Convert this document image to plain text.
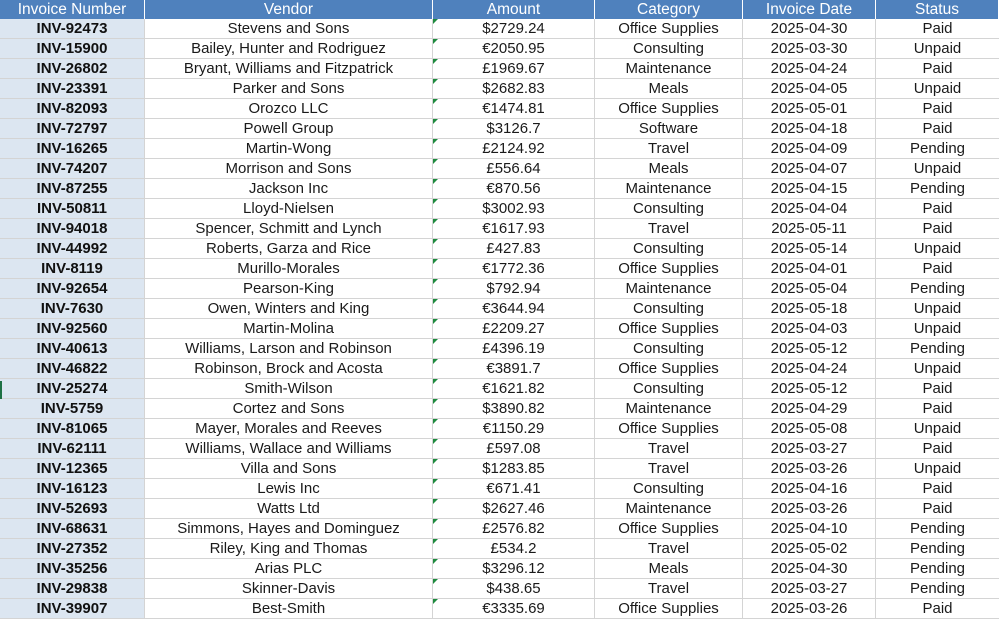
Invoice Number	Vendor	Amount	Category	Invoice Date	Status
INV-92473	Stevens and Sons	$2729.24	Office Supplies	2025-04-30	Paid
INV-15900	Bailey, Hunter and Rodriguez	€2050.95	Consulting	2025-03-30	Unpaid
INV-26802	Bryant, Williams and Fitzpatrick	£1969.67	Maintenance	2025-04-24	Paid
INV-23391	Parker and Sons	$2682.83	Meals	2025-04-05	Unpaid
INV-82093	Orozco LLC	€1474.81	Office Supplies	2025-05-01	Paid
INV-72797	Powell Group	$3126.7	Software	2025-04-18	Paid
INV-16265	Martin-Wong	£2124.92	Travel	2025-04-09	Pending
INV-74207	Morrison and Sons	£556.64	Meals	2025-04-07	Unpaid
INV-87255	Jackson Inc	€870.56	Maintenance	2025-04-15	Pending
INV-50811	Lloyd-Nielsen	$3002.93	Consulting	2025-04-04	Paid
INV-94018	Spencer, Schmitt and Lynch	€1617.93	Travel	2025-05-11	Paid
INV-44992	Roberts, Garza and Rice	£427.83	Consulting	2025-05-14	Unpaid
INV-8119	Murillo-Morales	€1772.36	Office Supplies	2025-04-01	Paid
INV-92654	Pearson-King	$792.94	Maintenance	2025-05-04	Pending
INV-7630	Owen, Winters and King	€3644.94	Consulting	2025-05-18	Unpaid
INV-92560	Martin-Molina	£2209.27	Office Supplies	2025-04-03	Unpaid
INV-40613	Williams, Larson and Robinson	£4396.19	Consulting	2025-05-12	Pending
INV-46822	Robinson, Brock and Acosta	€3891.7	Office Supplies	2025-04-24	Unpaid
INV-25274	Smith-Wilson	€1621.82	Consulting	2025-05-12	Paid
INV-5759	Cortez and Sons	$3890.82	Maintenance	2025-04-29	Paid
INV-81065	Mayer, Morales and Reeves	€1150.29	Office Supplies	2025-05-08	Unpaid
INV-62111	Williams, Wallace and Williams	£597.08	Travel	2025-03-27	Paid
INV-12365	Villa and Sons	$1283.85	Travel	2025-03-26	Unpaid
INV-16123	Lewis Inc	€671.41	Consulting	2025-04-16	Paid
INV-52693	Watts Ltd	$2627.46	Maintenance	2025-03-26	Paid
INV-68631	Simmons, Hayes and Dominguez	£2576.82	Office Supplies	2025-04-10	Pending
INV-27352	Riley, King and Thomas	£534.2	Travel	2025-05-02	Pending
INV-35256	Arias PLC	$3296.12	Meals	2025-04-30	Pending
INV-29838	Skinner-Davis	$438.65	Travel	2025-03-27	Pending
INV-39907	Best-Smith	€3335.69	Office Supplies	2025-03-26	Paid
